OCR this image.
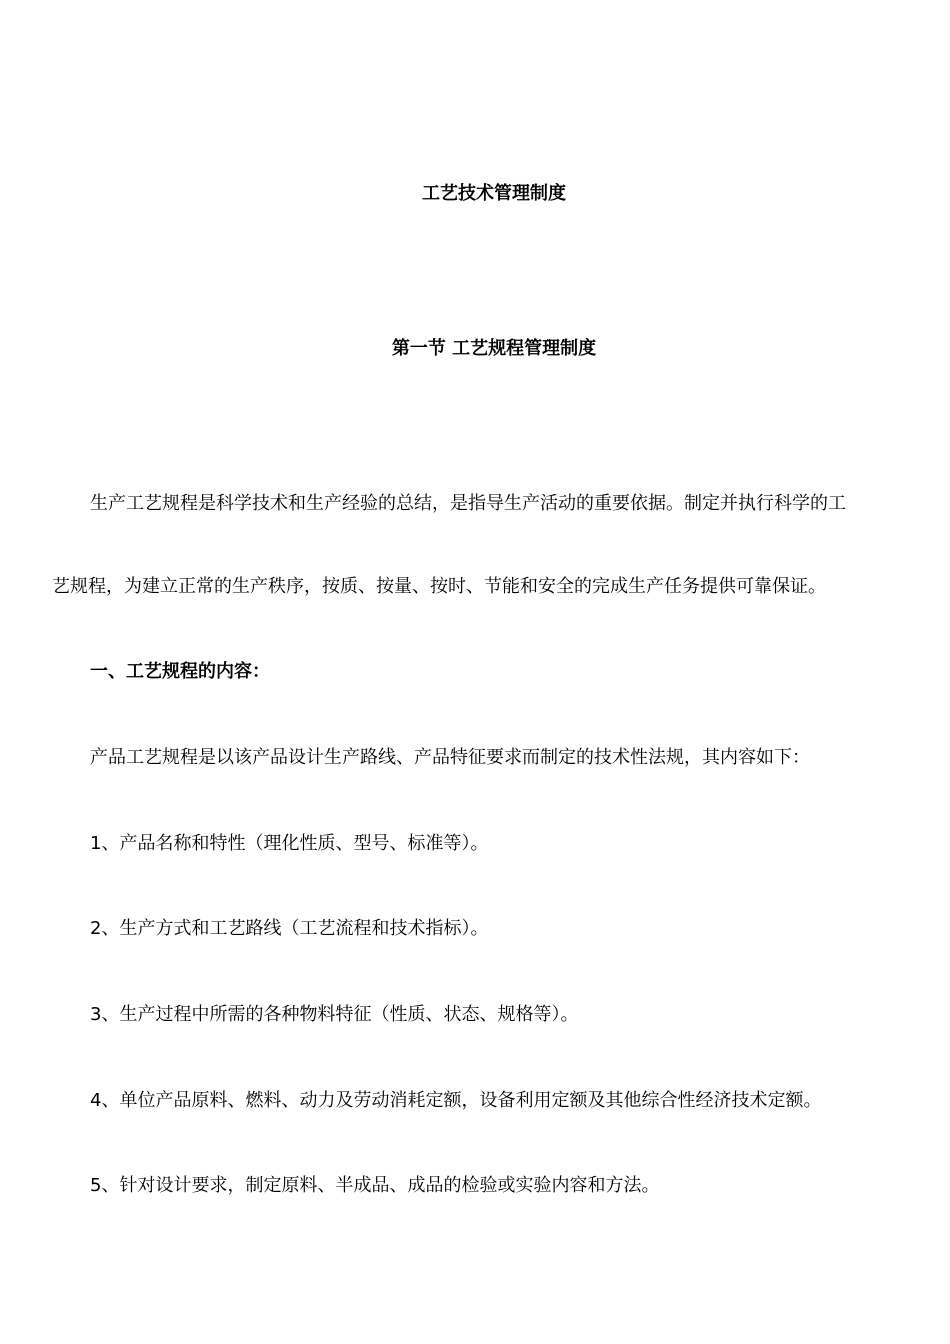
工艺技术管理制度
第一节 工艺规程管理制度
生产工艺规程是科学技术和生产经验的总结，是指导生产活动的重要依据。制定并执行科学的工
艺规程，为建立正常的生产秩序，按质、按量、按时、节能和安全的完成生产任务提供可靠保证。
一、工艺规程的内容：
产品工艺规程是以该产品设计生产路线、产品特征要求而制定的技术性法规，其内容如下：
1、产品名称和特性（理化性质、型号、标准等）。
2、生产方式和工艺路线（工艺流程和技术指标）。
3、生产过程中所需的各种物料特征（性质、状态、规格等）。
4、单位产品原料、燃料、动力及劳动消耗定额，设备利用定额及其他综合性经济技术定额。
5、针对设计要求，制定原料、半成品、成品的检验或实验内容和方法。
